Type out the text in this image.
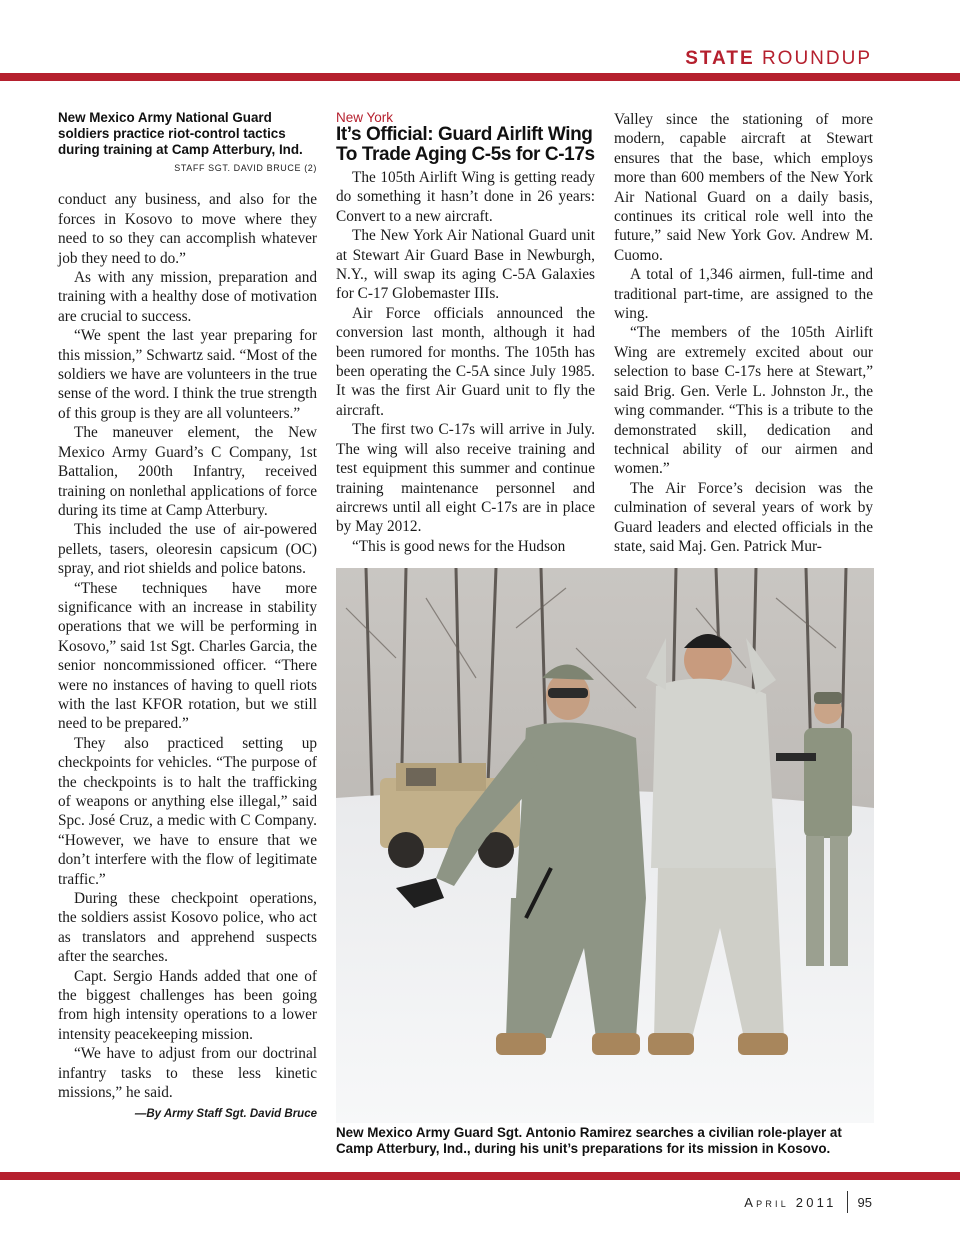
STATE ROUNDUP
New Mexico Army National Guard soldiers practice riot-control tactics during training at Camp Atterbury, Ind.
STAFF SGT. DAVID BRUCE (2)

conduct any business, and also for the forces in Kosovo to move where they need to so they can accomplish whatever job they need to do.”

As with any mission, preparation and training with a healthy dose of motivation are crucial to success.

“We spent the last year preparing for this mission,” Schwartz said. “Most of the soldiers we have are volunteers in the true sense of the word. I think the true strength of this group is they are all volunteers.”

The maneuver element, the New Mexico Army Guard’s C Company, 1st Battalion, 200th Infantry, received training on nonlethal applications of force during its time at Camp Atterbury.

This included the use of air-powered pellets, tasers, oleoresin capsicum (OC) spray, and riot shields and police batons.

“These techniques have more significance with an increase in stability operations that we will be performing in Kosovo,” said 1st Sgt. Charles Garcia, the senior noncommissioned officer. “There were no instances of having to quell riots with the last KFOR rotation, but we still need to be prepared.”

They also practiced setting up checkpoints for vehicles. “The purpose of the checkpoints is to halt the trafficking of weapons or anything else illegal,” said Spc. José Cruz, a medic with C Company. “However, we have to ensure that we don’t interfere with the flow of legitimate traffic.”

During these checkpoint operations, the soldiers assist Kosovo police, who act as translators and apprehend suspects after the searches.

Capt. Sergio Hands added that one of the biggest challenges has been going from high intensity operations to a lower intensity peacekeeping mission.

“We have to adjust from our doctrinal infantry tasks to these less kinetic missions,” he said.

—By Army Staff Sgt. David Bruce
New York
It’s Official: Guard Airlift Wing To Trade Aging C-5s for C-17s

The 105th Airlift Wing is getting ready do something it hasn’t done in 26 years: Convert to a new aircraft.

The New York Air National Guard unit at Stewart Air Guard Base in Newburgh, N.Y., will swap its aging C-5A Galaxies for C-17 Globemaster IIIs.

Air Force officials announced the conversion last month, although it had been rumored for months. The 105th has been operating the C-5A since July 1985. It was the first Air Guard unit to fly the aircraft.

The first two C-17s will arrive in July. The wing will also receive training and test equipment this summer and continue training maintenance personnel and aircrews until all eight C-17s are in place by May 2012.

“This is good news for the Hudson

Valley since the stationing of more modern, capable aircraft at Stewart ensures that the base, which employs more than 600 members of the New York Air National Guard on a daily basis, continues its critical role well into the future,” said New York Gov. Andrew M. Cuomo.

A total of 1,346 airmen, full-time and traditional part-time, are assigned to the wing.

“The members of the 105th Airlift Wing are extremely excited about our selection to base C-17s here at Stewart,” said Brig. Gen. Verle L. Johnston Jr., the wing commander. “This is a tribute to the demonstrated skill, dedication and technical ability of our airmen and women.”

The Air Force’s decision was the culmination of several years of work by Guard leaders and elected officials in the state, said Maj. Gen. Patrick Mur-

New Mexico Army Guard Sgt. Antonio Ramirez searches a civilian role-player at Camp Atterbury, Ind., during his unit’s preparations for its mission in Kosovo.
April 2011 95
